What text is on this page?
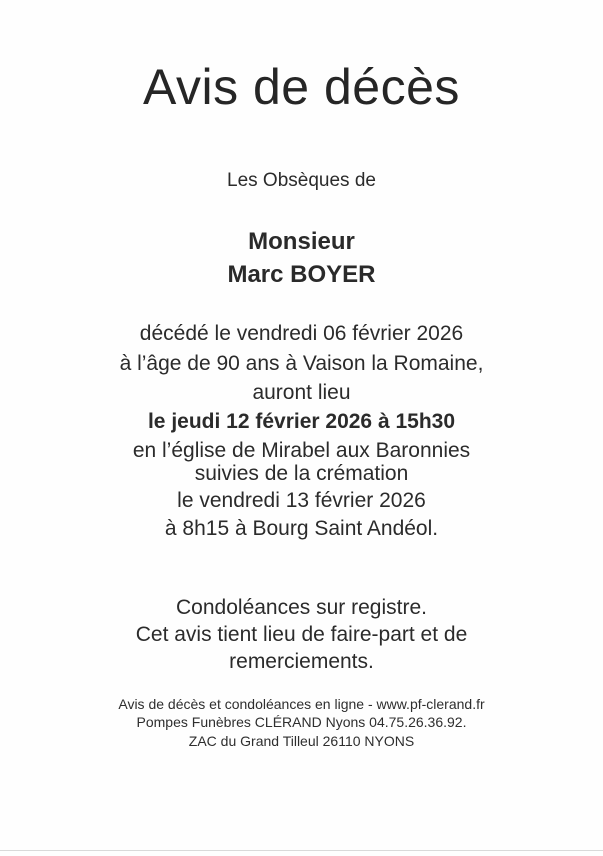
Avis de décès
Les Obsèques de
Monsieur
Marc BOYER
décédé le vendredi 06 février 2026
à l’âge de 90 ans à Vaison la Romaine,
auront lieu
le jeudi 12 février 2026 à 15h30
en l’église de Mirabel aux Baronnies
suivies de la crémation
le vendredi 13 février 2026
à 8h15 à Bourg Saint Andéol.
Condoléances sur registre.
Cet avis tient lieu de faire-part et de
remerciements.
Avis de décès et condoléances en ligne - www.pf-clerand.fr
Pompes Funèbres CLÉRAND Nyons 04.75.26.36.92.
ZAC du Grand Tilleul 26110 NYONS
